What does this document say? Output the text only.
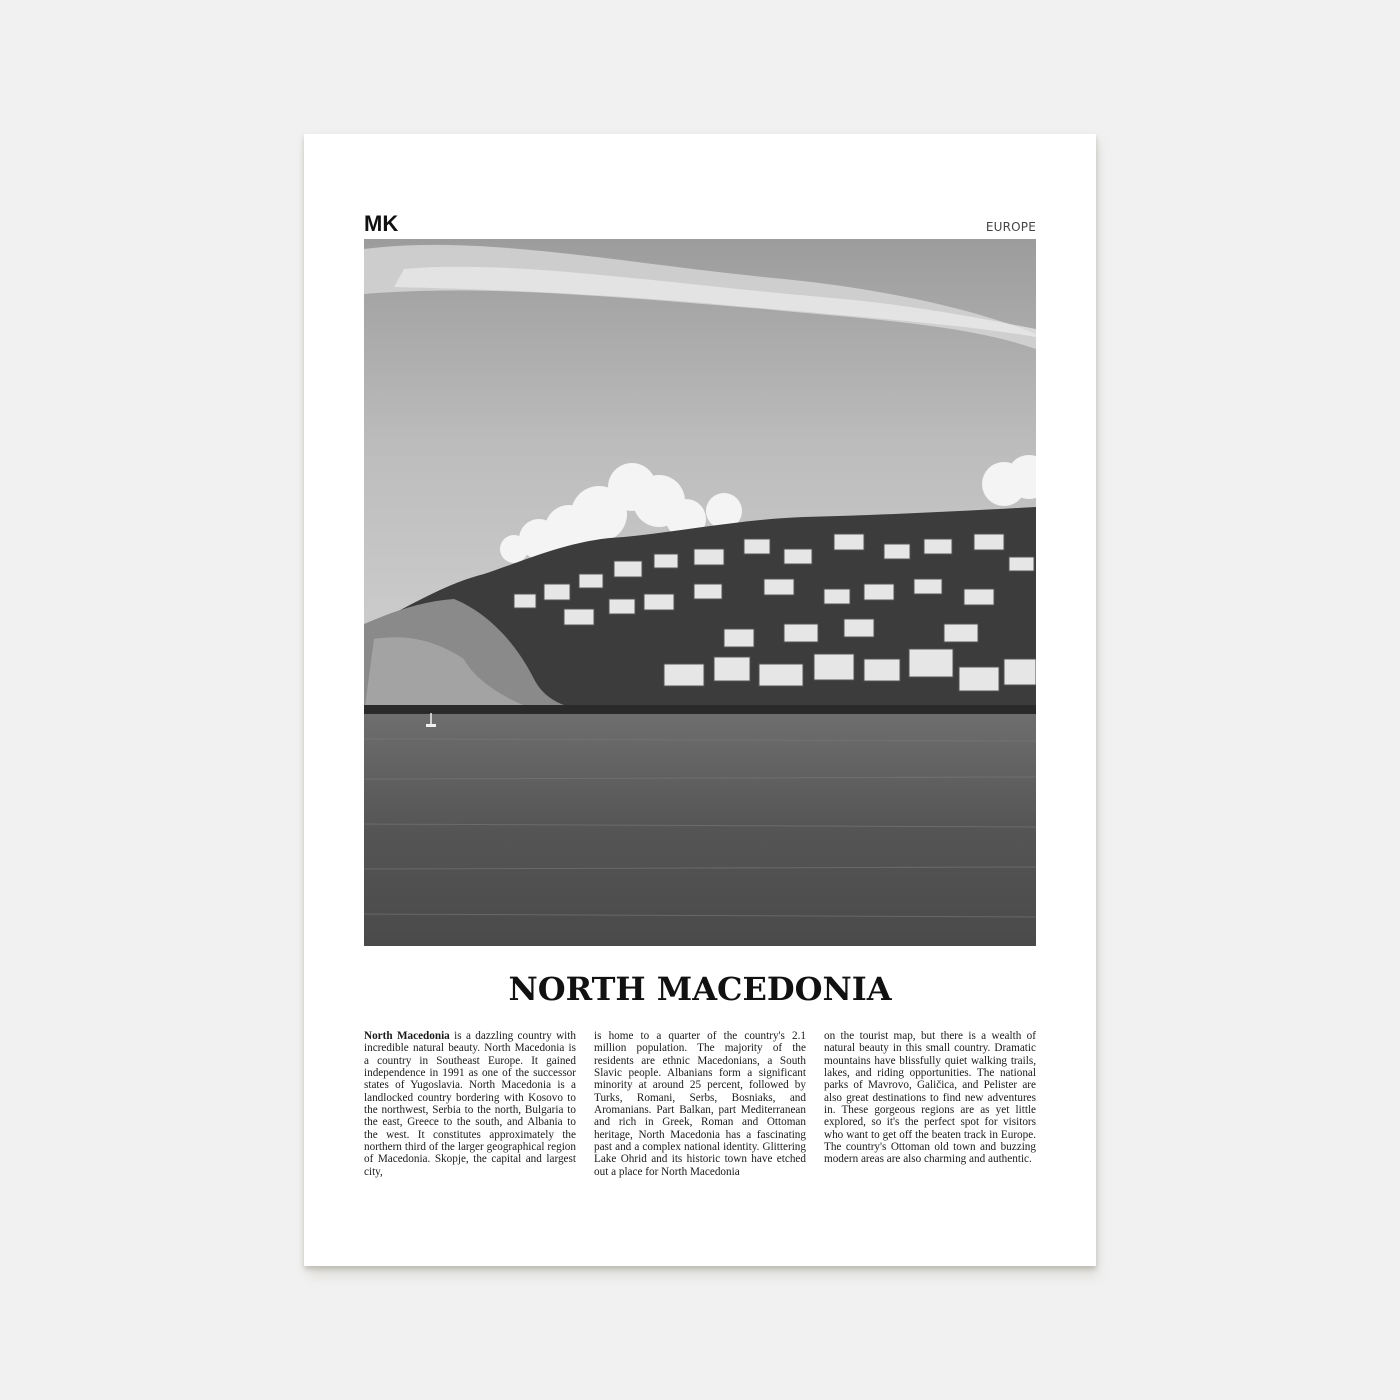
MK	EUROPE
NORTH MACEDONIA

North Macedonia is a dazzling country with incredible natural beauty. North Macedonia is a country in Southeast Europe. It gained independence in 1991 as one of the successor states of Yugoslavia. North Macedonia is a landlocked country bordering with Kosovo to the northwest, Serbia to the north, Bulgaria to the east, Greece to the south, and Albania to the west. It constitutes approximately the northern third of the larger geographical region of Macedonia. Skopje, the capital and largest city,

is home to a quarter of the country's 2.1 million population. The majority of the residents are ethnic Macedonians, a South Slavic people. Albanians form a significant minority at around 25 percent, followed by Turks, Romani, Serbs, Bosniaks, and Aromanians. Part Balkan, part Mediterranean and rich in Greek, Roman and Ottoman heritage, North Macedonia has a fascinating past and a complex national identity. Glittering Lake Ohrid and its historic town have etched out a place for North Macedonia

on the tourist map, but there is a wealth of natural beauty in this small country. Dramatic mountains have blissfully quiet walking trails, lakes, and riding opportunities. The national parks of Mavrovo, Galičica, and Pelister are also great destinations to find new adventures in. These gorgeous regions are as yet little explored, so it's the perfect spot for visitors who want to get off the beaten track in Europe. The country's Ottoman old town and buzzing modern areas are also charming and authentic.
